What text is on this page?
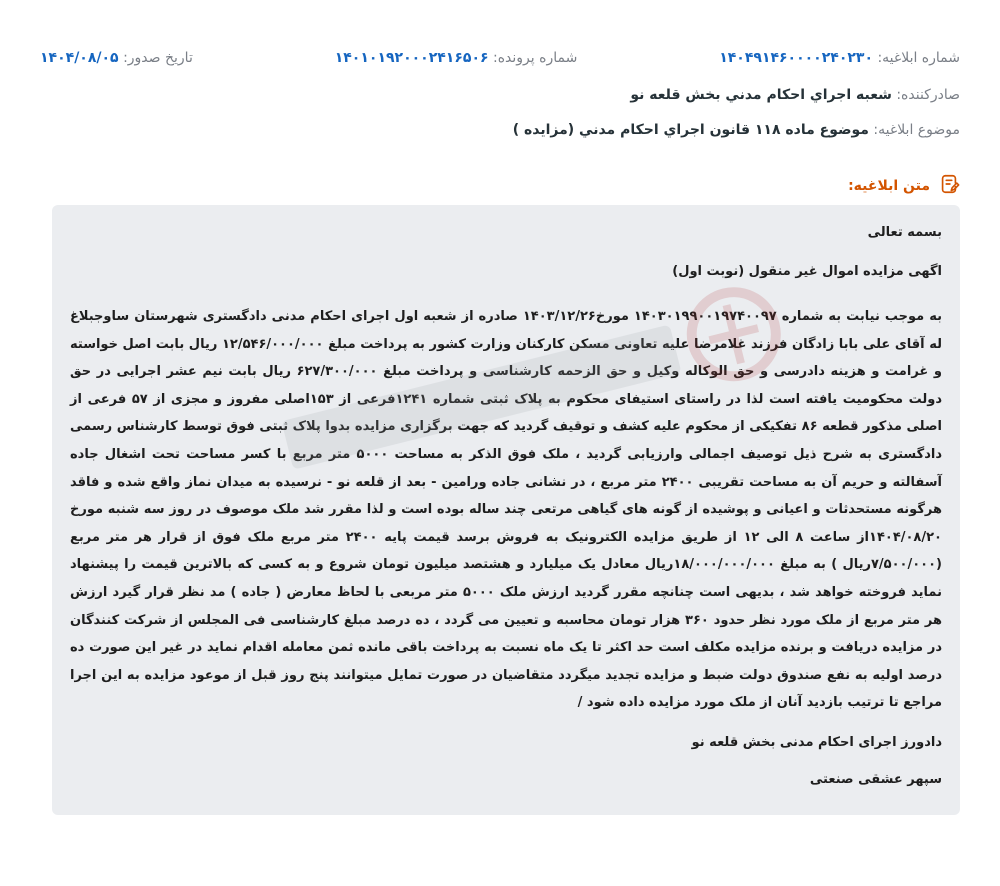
شماره ابلاغیه: ۱۴۰۴۹۱۴۶۰۰۰۰۲۴۰۲۳۰
شماره پرونده: ۱۴۰۱۰۱۹۲۰۰۰۲۴۱۶۵۰۶
تاریخ صدور: ۱۴۰۴/۰۸/۰۵
صادرکننده: شعبه اجراي احکام مدني بخش قلعه نو
موضوع ابلاغیه: موضوع ماده ۱۱۸ قانون اجراي احکام مدني (مزايده )
متن ابلاغیه:

بسمه تعالی

اگهی مزایده اموال غیر منقول (نوبت اول)

به موجب نیابت به شماره ۱۴۰۳۰۱۹۹۰۰۱۹۷۴۰۰۹۷ مورخ۱۴۰۳/۱۲/۲۶ صادره از شعبه اول اجرای احکام مدنی دادگستری شهرستان ساوجبلاغ له آقای علی بابا زادگان فرزند غلامرضا علیه تعاونی مسکن کارکنان وزارت کشور به پرداخت مبلغ ۱۲/۵۴۶/۰۰۰/۰۰۰ ریال بابت اصل خواسته و غرامت و هزینه دادرسی و حق الوکاله وکیل و حق الزحمه کارشناسی و پرداخت مبلغ ۶۲۷/۳۰۰/۰۰۰ ریال بابت نیم عشر اجرایی در حق دولت محکومیت یافته است لذا در راستای استیفای محکوم به پلاک ثبتی شماره ۱۲۴۱فرعی از ۱۵۳اصلی مفروز و مجزی از ۵۷ فرعی از اصلی مذکور قطعه ۸۶ تفکیکی از محکوم علیه کشف و توقیف گردید که جهت برگزاری مزایده بدوا پلاک ثبتی فوق توسط کارشناس رسمی دادگستری به شرح ذیل توصیف اجمالی وارزیابی گردید ، ملک فوق الذکر به مساحت ۵۰۰۰ متر مربع با کسر مساحت تحت اشغال جاده آسفالته و حریم آن به مساحت تقریبی ۲۴۰۰ متر مربع ، در نشانی جاده ورامین - بعد از قلعه نو - نرسیده به میدان نماز واقع شده و فاقد هرگونه مستحدثات و اعیانی و پوشیده از گونه های گیاهی مرتعی چند ساله بوده است و لذا مقرر شد ملک موصوف در روز سه شنبه مورخ ۱۴۰۴/۰۸/۲۰از ساعت ۸ الی ۱۲ از طریق مزایده الکترونیک به فروش برسد قیمت پایه ۲۴۰۰ متر مربع ملک فوق از قرار هر متر مربع (۷/۵۰۰/۰۰۰ریال ) به مبلغ ۱۸/۰۰۰/۰۰۰/۰۰۰ریال معادل یک میلیارد و هشتصد میلیون تومان شروع و به کسی که بالاترین قیمت را پیشنهاد نماید فروخته خواهد شد ، بدیهی است چنانچه مقرر گردید ارزش ملک ۵۰۰۰ متر مربعی با لحاظ معارض ( جاده ) مد نظر قرار گیرد ارزش هر متر مربع از ملک مورد نظر حدود ۳۶۰ هزار تومان محاسبه و تعیین می گردد ، ده درصد مبلغ کارشناسی فی المجلس از شرکت کنندگان در مزایده دریافت و برنده مزایده مکلف است حد اکثر تا یک ماه نسبت به پرداخت باقی مانده ثمن معامله اقدام نماید در غیر این صورت ده درصد اولیه به نفع صندوق دولت ضبط و مزایده تجدید میگردد متقاضیان در صورت تمایل میتوانند پنج روز قبل از موعود مزایده به این اجرا مراجع تا ترتیب بازدید آنان از ملک مورد مزایده داده شود /

دادورز اجرای احکام مدنی بخش قلعه نو

سپهر عشقی صنعتی
